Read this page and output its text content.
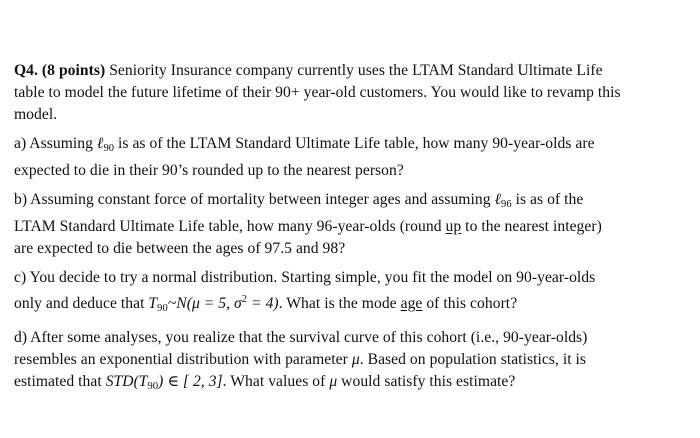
Q4. (8 points) Seniority Insurance company currently uses the LTAM Standard Ultimate Life
table to model the future lifetime of their 90+ year-old customers. You would like to revamp this
model.

a) Assuming ℓ$_{90}$ is as of the LTAM Standard Ultimate Life table, how many 90-year-olds are
expected to die in their 90’s rounded up to the nearest person?

b) Assuming constant force of mortality between integer ages and assuming ℓ$_{96}$ is as of the
LTAM Standard Ultimate Life table, how many 96-year-olds (round up to the nearest integer)
are expected to die between the ages of 97.5 and 98?

c) You decide to try a normal distribution. Starting simple, you fit the model on 90-year-olds
only and deduce that $T_{90}\sim N(\mu = 5$, $\sigma^2 = 4$). What is the mode age of this cohort?

d) After some analyses, you realize that the survival curve of this cohort (i.e., 90-year-olds)
resembles an exponential distribution with parameter μ. Based on population statistics, it is
estimated that $STD(T_{90})$ ∈ [ 2, 3]. What values of μ would satisfy this estimate?
